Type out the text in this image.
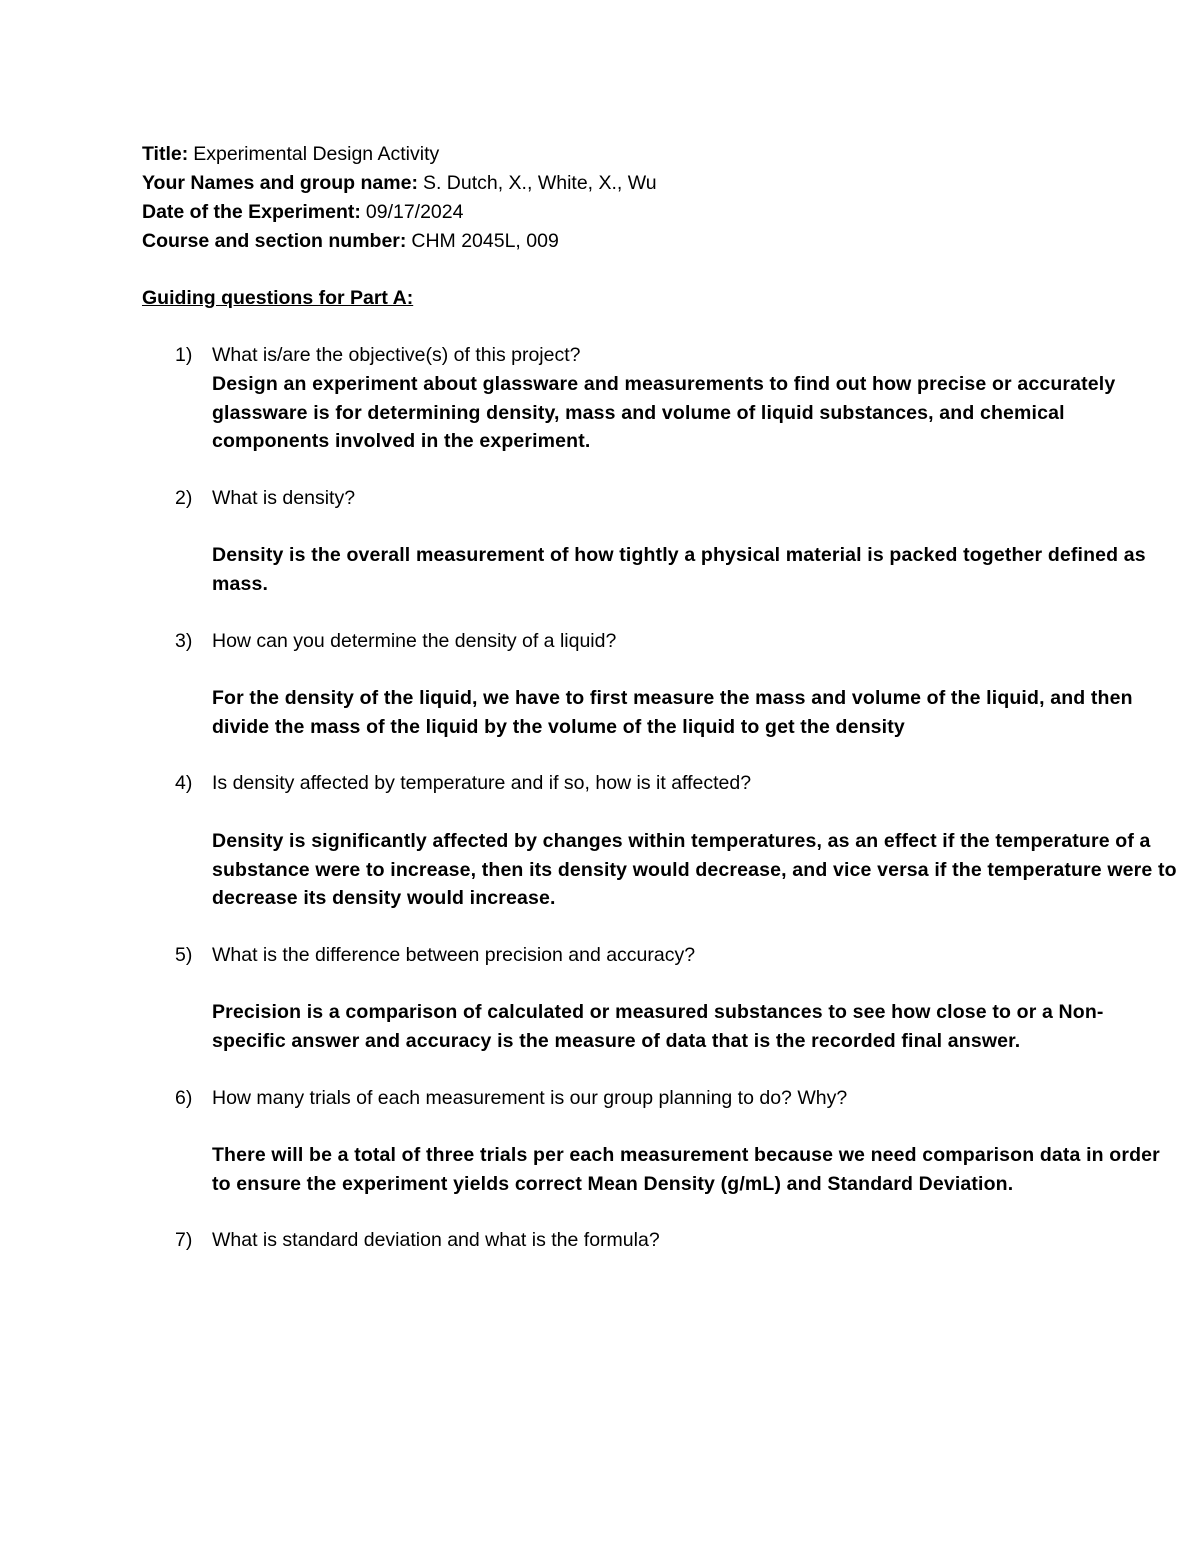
Title: Experimental Design Activity
Your Names and group name: S. Dutch, X., White, X., Wu
Date of the Experiment: 09/17/2024
Course and section number: CHM 2045L, 009
Guiding questions for Part A:
1) What is/are the objective(s) of this project?
Design an experiment about glassware and measurements to find out how precise or accurately glassware is for determining density, mass and volume of liquid substances, and chemical components involved in the experiment.
2) What is density?
Density is the overall measurement of how tightly a physical material is packed together defined as mass.
3) How can you determine the density of a liquid?
For the density of the liquid, we have to first measure the mass and volume of the liquid, and then divide the mass of the liquid by the volume of the liquid to get the density
4) Is density affected by temperature and if so, how is it affected?
Density is significantly affected by changes within temperatures, as an effect if the temperature of a substance were to increase, then its density would decrease, and vice versa if the temperature were to decrease its density would increase.
5) What is the difference between precision and accuracy?
Precision is a comparison of calculated or measured substances to see how close to or a Non-specific answer and accuracy is the measure of data that is the recorded final answer.
6) How many trials of each measurement is our group planning to do? Why?
There will be a total of three trials per each measurement because we need comparison data in order to ensure the experiment yields correct Mean Density (g/mL) and Standard Deviation.
7) What is standard deviation and what is the formula?
